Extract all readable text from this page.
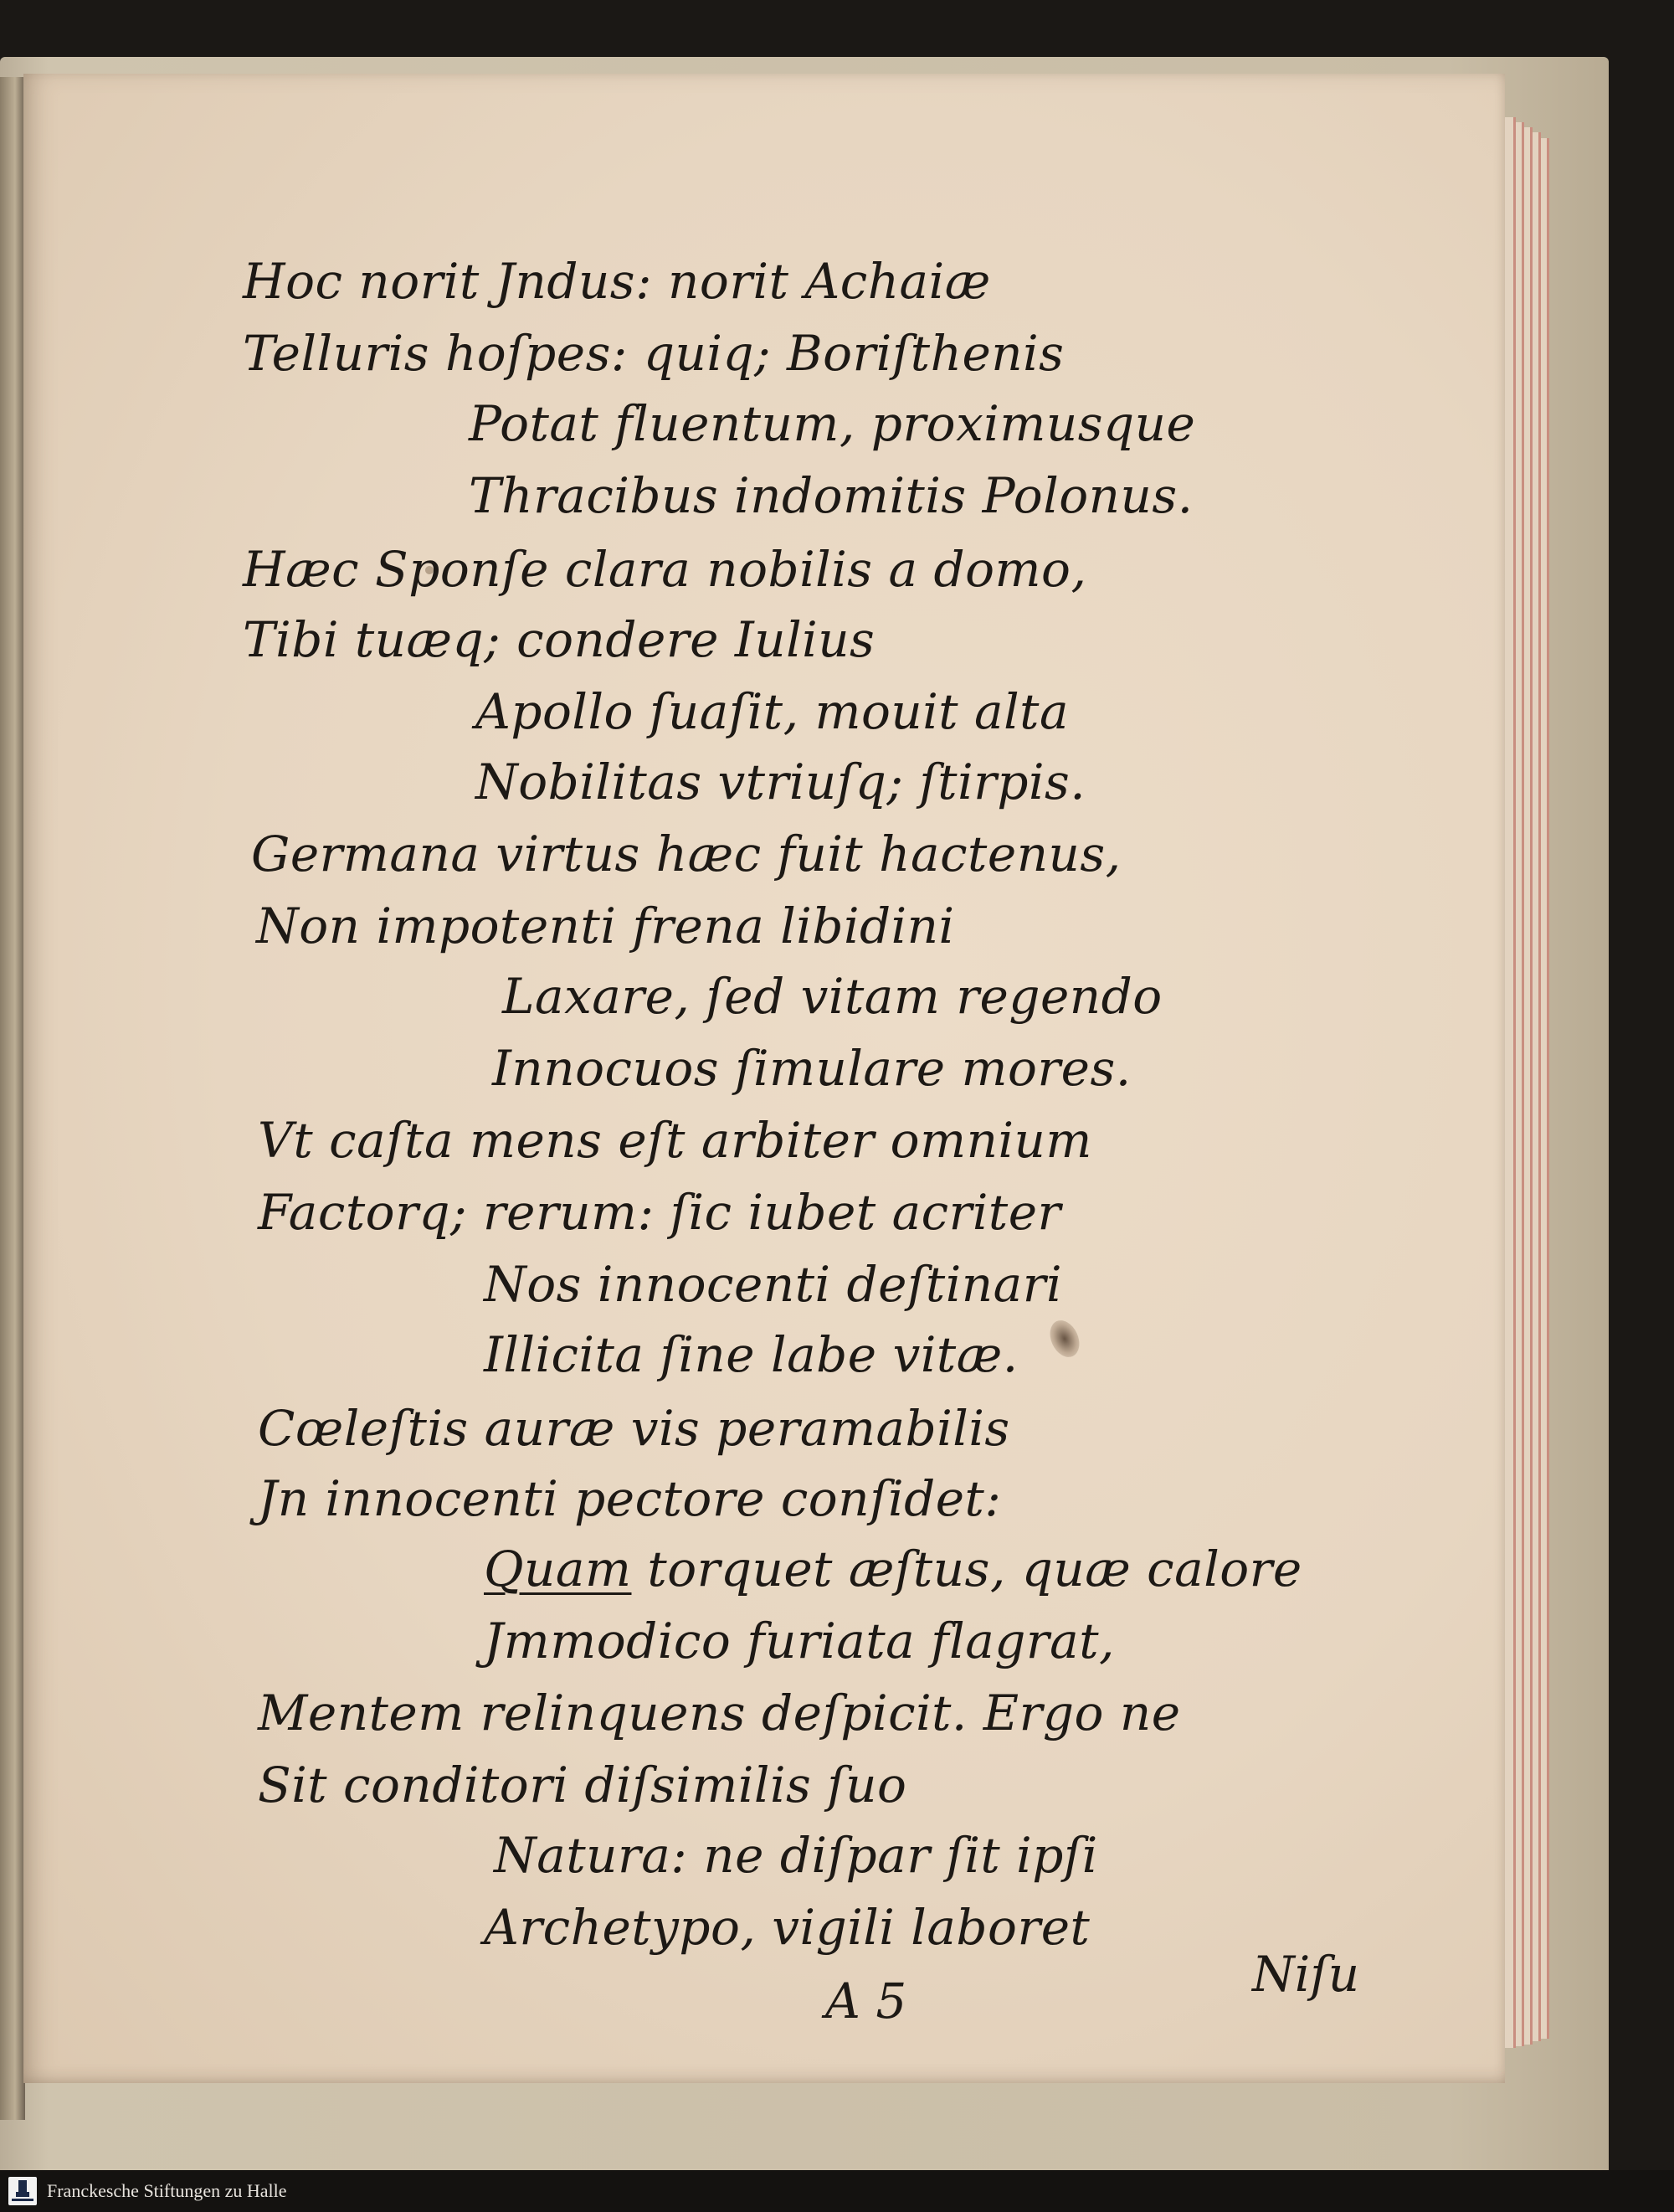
Hoc norit Jndus: norit Achaiæ
Telluris hoſpes: quiq; Boriſthenis
Potat fluentum, proximusque
Thracibus indomitis Polonus.
Hæc Sponſe clara nobilis a domo,
Tibi tuæq; condere Iulius
Apollo ſuaſit, mouit alta
Nobilitas vtriuſq; ſtirpis.
Germana virtus hæc fuit hactenus,
Non impotenti frena libidini
Laxare, ſed vitam regendo
Innocuos ſimulare mores.
Vt caſta mens eſt arbiter omnium
Factorq; rerum: ſic iubet acriter
Nos innocenti deſtinari
Illicita ſine labe vitæ.
Cœleſtis auræ vis peramabilis
Jn innocenti pectore conſidet:
Quam torquet æſtus, quæ calore
Jmmodico furiata flagrat,
Mentem relinquens deſpicit. Ergo ne
Sit conditori diſsimilis ſuo
Natura: ne diſpar ſit ipſi
Archetypo, vigili laboret
A 5	Niſu
Franckesche Stiftungen zu Halle
